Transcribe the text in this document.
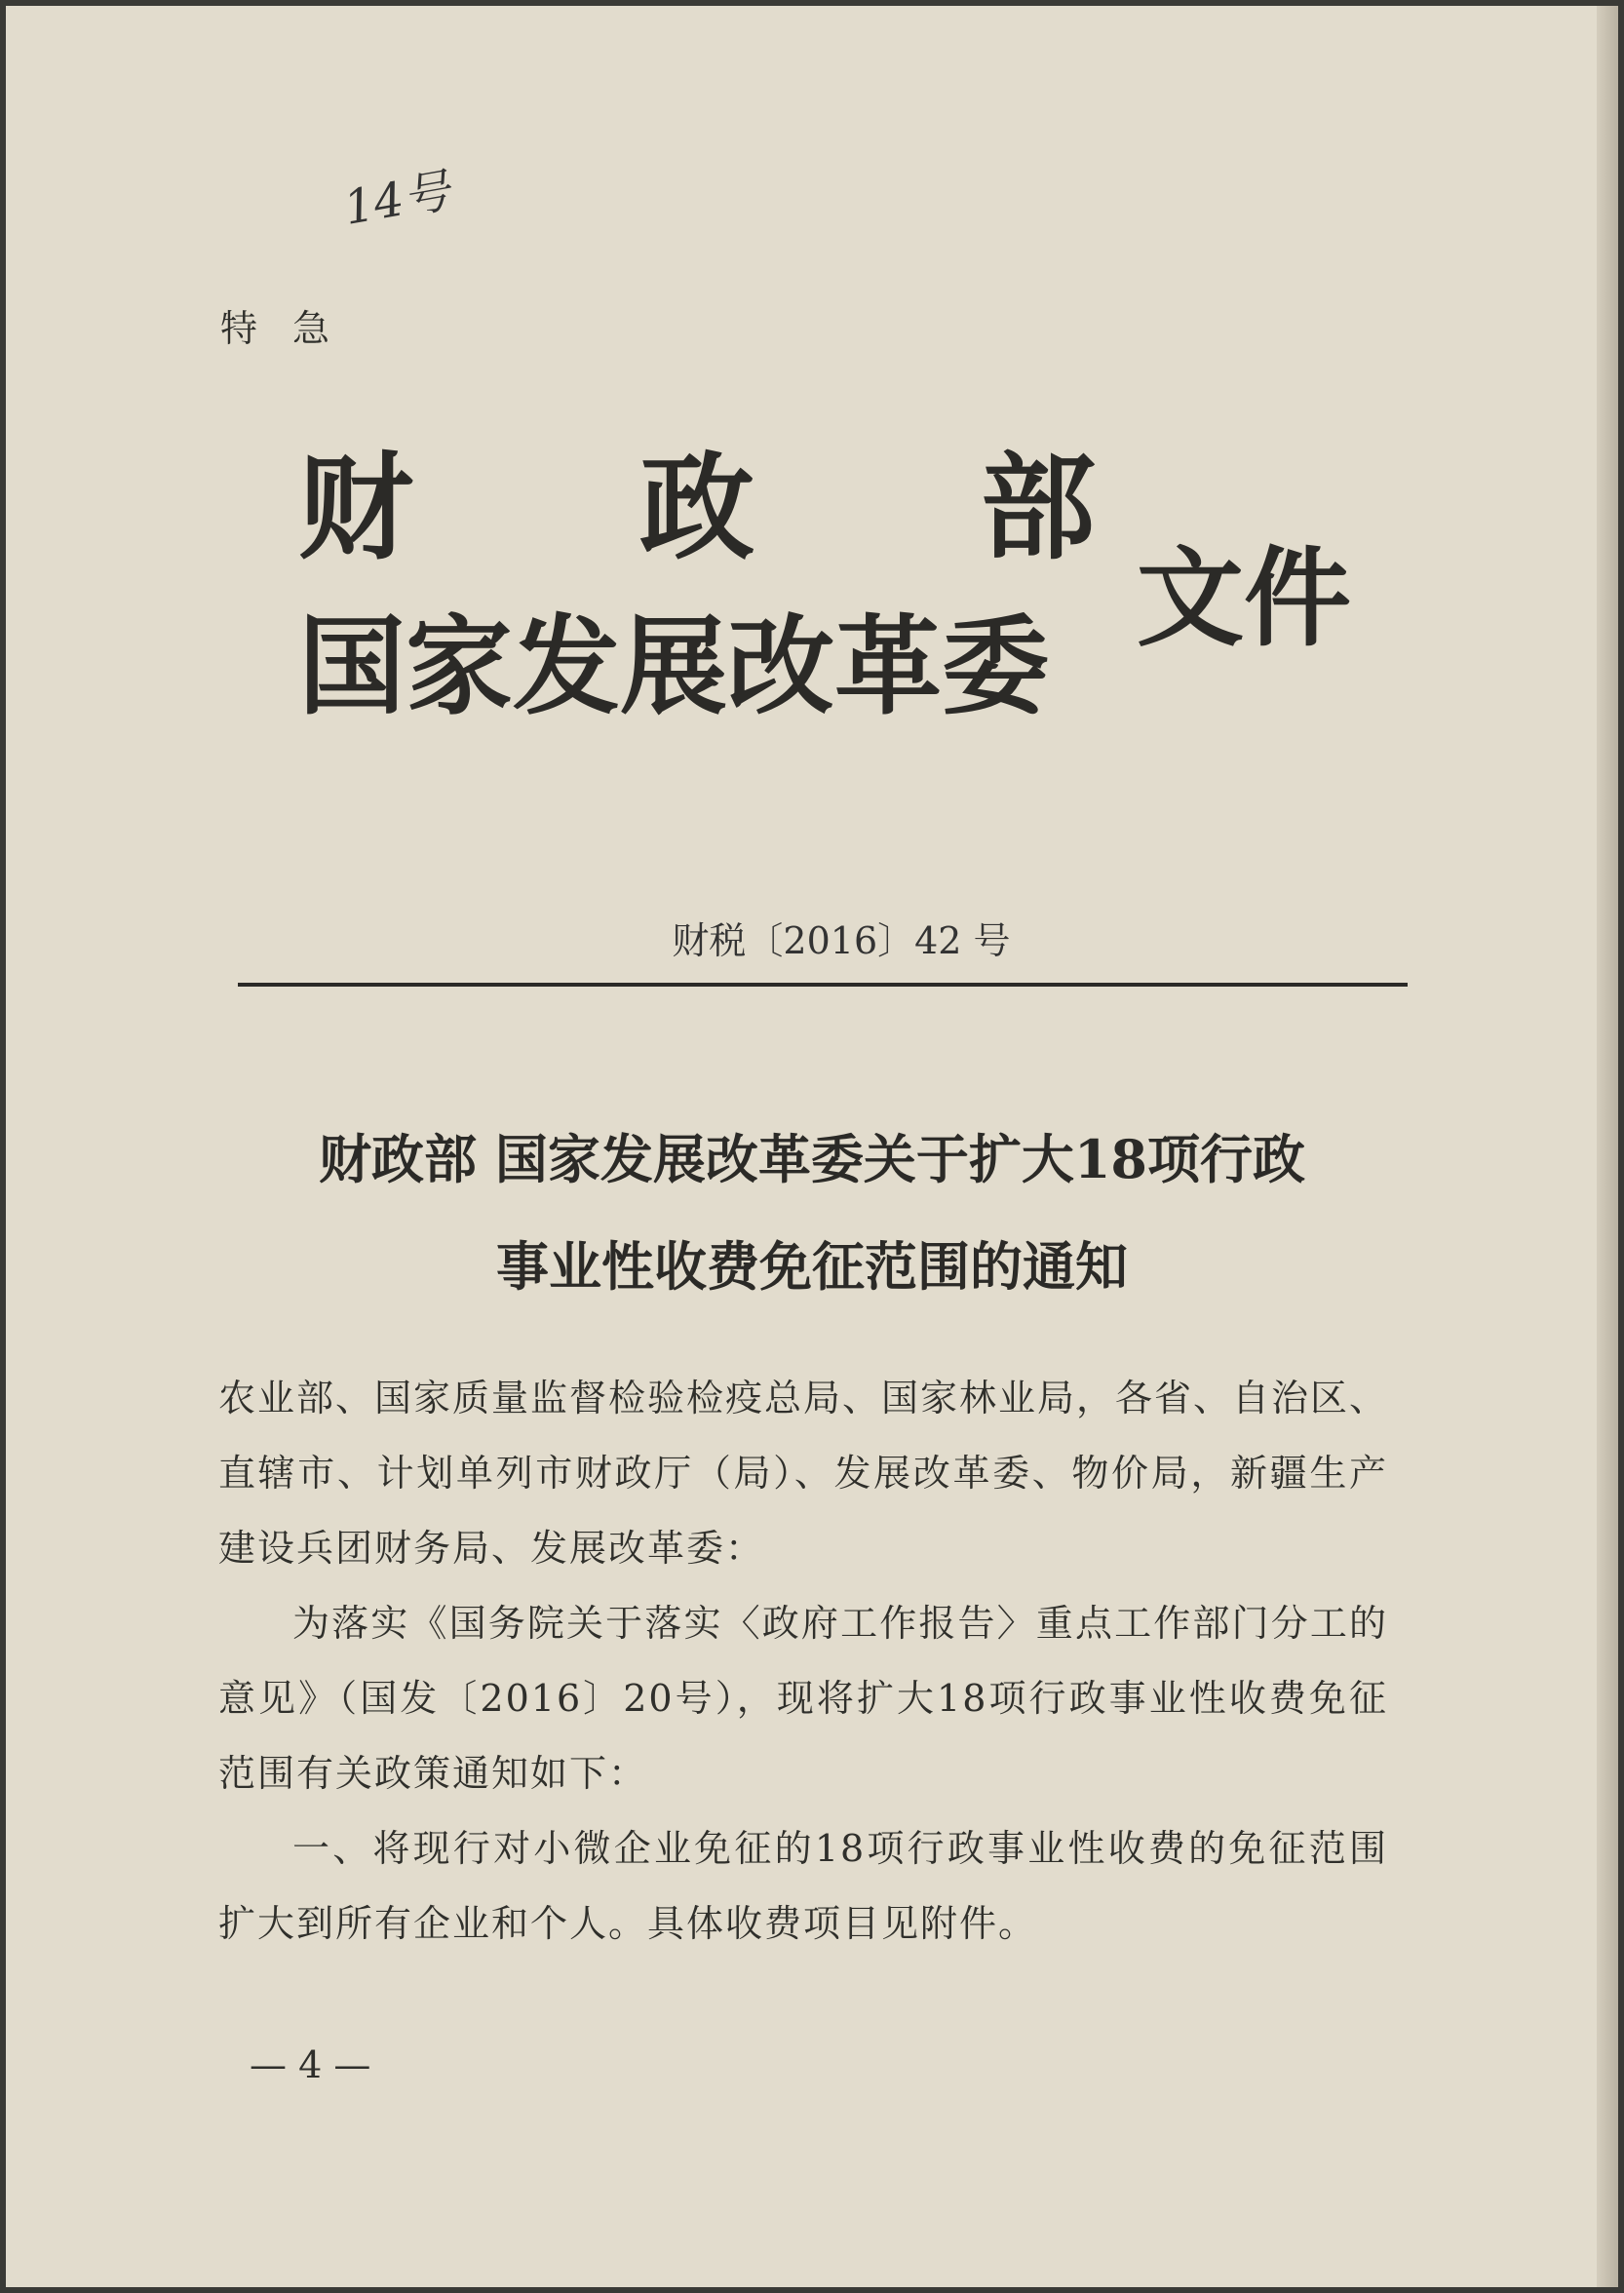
14号
特急
财政部
国家发展改革委
文件
财税〔2016〕42 号
财政部 国家发展改革委关于扩大18项行政
事业性收费免征范围的通知

农业部、国家质量监督检验检疫总局、国家林业局，各省、自治区、直辖市、计划单列市财政厅（局）、发展改革委、物价局，新疆生产建设兵团财务局、发展改革委：

为落实《国务院关于落实〈政府工作报告〉重点工作部门分工的意见》（国发〔2016〕20号），现将扩大18项行政事业性收费免征范围有关政策通知如下：

一、将现行对小微企业免征的18项行政事业性收费的免征范围扩大到所有企业和个人。具体收费项目见附件。

— 4 —
